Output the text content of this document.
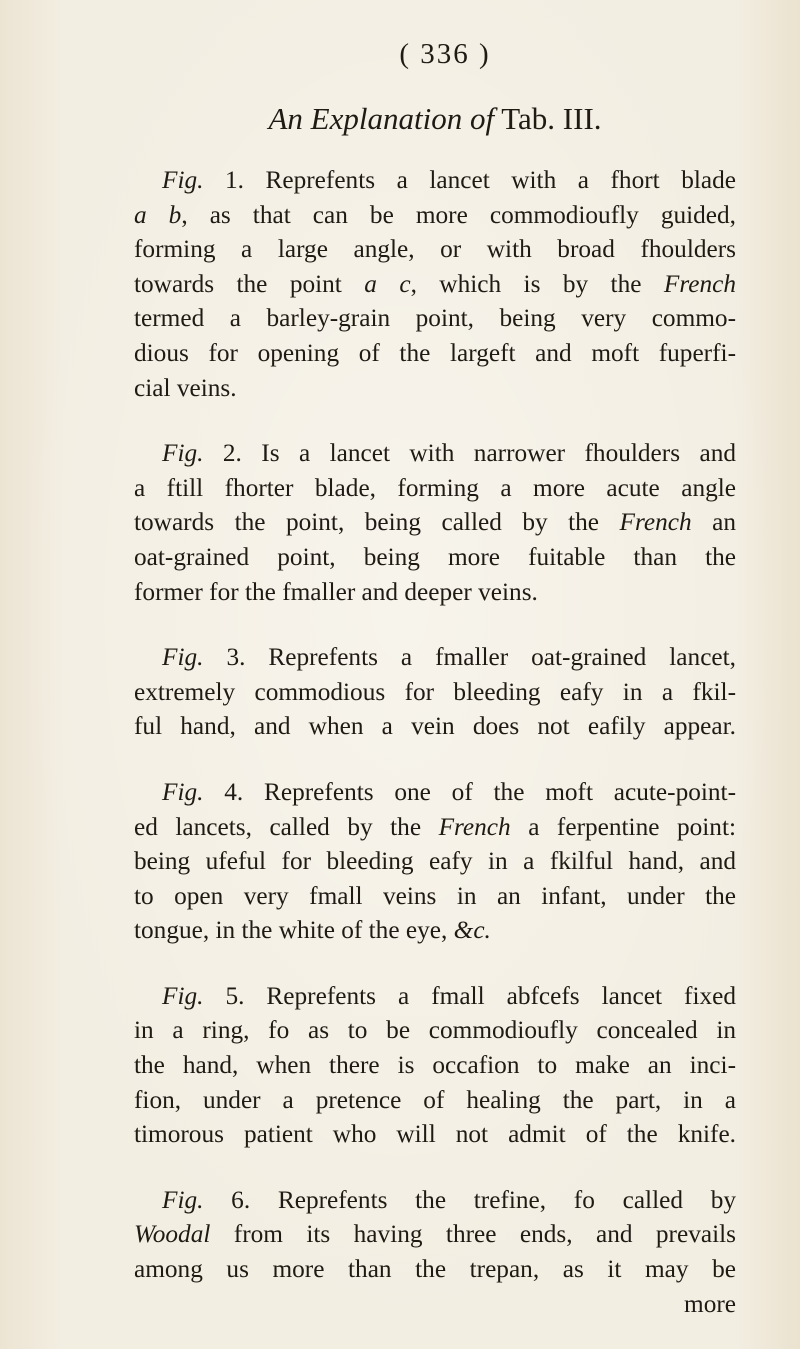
( 336 )
An Explanation of Tab. III.
Fig. 1. Reprefents a lancet with a fhort blade
a b, as that can be more commodioufly guided,
forming a large angle, or with broad fhoulders
towards the point a c, which is by the French
termed a barley-grain point, being very commo-
dious for opening of the largeft and moft fuperfi-
cial veins.
Fig. 2. Is a lancet with narrower fhoulders and
a ftill fhorter blade, forming a more acute angle
towards the point, being called by the French an
oat-grained point, being more fuitable than the
former for the fmaller and deeper veins.
Fig. 3. Reprefents a fmaller oat-grained lancet,
extremely commodious for bleeding eafy in a fkil-
ful hand, and when a vein does not eafily appear.
Fig. 4. Reprefents one of the moft acute-point-
ed lancets, called by the French a ferpentine point:
being ufeful for bleeding eafy in a fkilful hand, and
to open very fmall veins in an infant, under the
tongue, in the white of the eye, &c.
Fig. 5. Reprefents a fmall abfcefs lancet fixed
in a ring, fo as to be commodioufly concealed in
the hand, when there is occafion to make an inci-
fion, under a pretence of healing the part, in a
timorous patient who will not admit of the knife.
Fig. 6. Reprefents the trefine, fo called by
Woodal from its having three ends, and prevails
among us more than the trepan, as it may be
more
